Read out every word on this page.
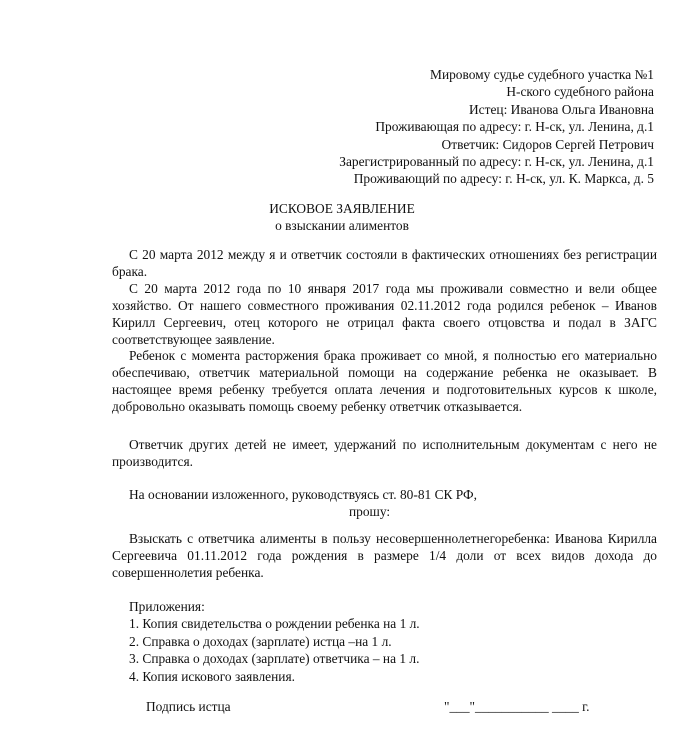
Мировому судье судебного участка №1
Н-ского судебного района
Истец: Иванова Ольга Ивановна
Проживающая по адресу: г. Н-ск, ул. Ленина, д.1
Ответчик: Сидоров Сергей Петрович
Зарегистрированный по адресу: г. Н-ск, ул. Ленина, д.1
Проживающий по адресу: г. Н-ск, ул. К. Маркса, д. 5
ИСКОВОЕ ЗАЯВЛЕНИЕ
о взыскании алиментов
С 20 марта 2012 между я и ответчик состояли в фактических отношениях без регистрации брака.
С 20 марта 2012 года по 10 января 2017 года мы проживали совместно и вели общее хозяйство. От нашего совместного проживания 02.11.2012 года родился ребенок – Иванов Кирилл Сергеевич, отец которого не отрицал факта своего отцовства и подал в ЗАГС соответствующее заявление.
Ребенок с момента расторжения брака проживает со мной, я полностью его материально обеспечиваю, ответчик материальной помощи на содержание ребенка не оказывает. В настоящее время ребенку требуется оплата лечения и подготовительных курсов к школе, добровольно оказывать помощь своему ребенку ответчик отказывается.
Ответчик других детей не имеет, удержаний по исполнительным документам с него не производится.
На основании изложенного, руководствуясь ст. 80-81 СК РФ,
прошу:
Взыскать с ответчика алименты в пользу несовершеннолетнегоребенка: Иванова Кирилла Сергеевича 01.11.2012 года рождения в размере 1/4 доли от всех видов дохода до совершеннолетия ребенка.
Приложения:
1. Копия свидетельства о рождении ребенка на 1 л.
2. Справка о доходах (зарплате) истца –на 1 л.
3. Справка о доходах (зарплате) ответчика – на 1 л.
4. Копия искового заявления.
Подпись истца	"___"___________ ____ г.
